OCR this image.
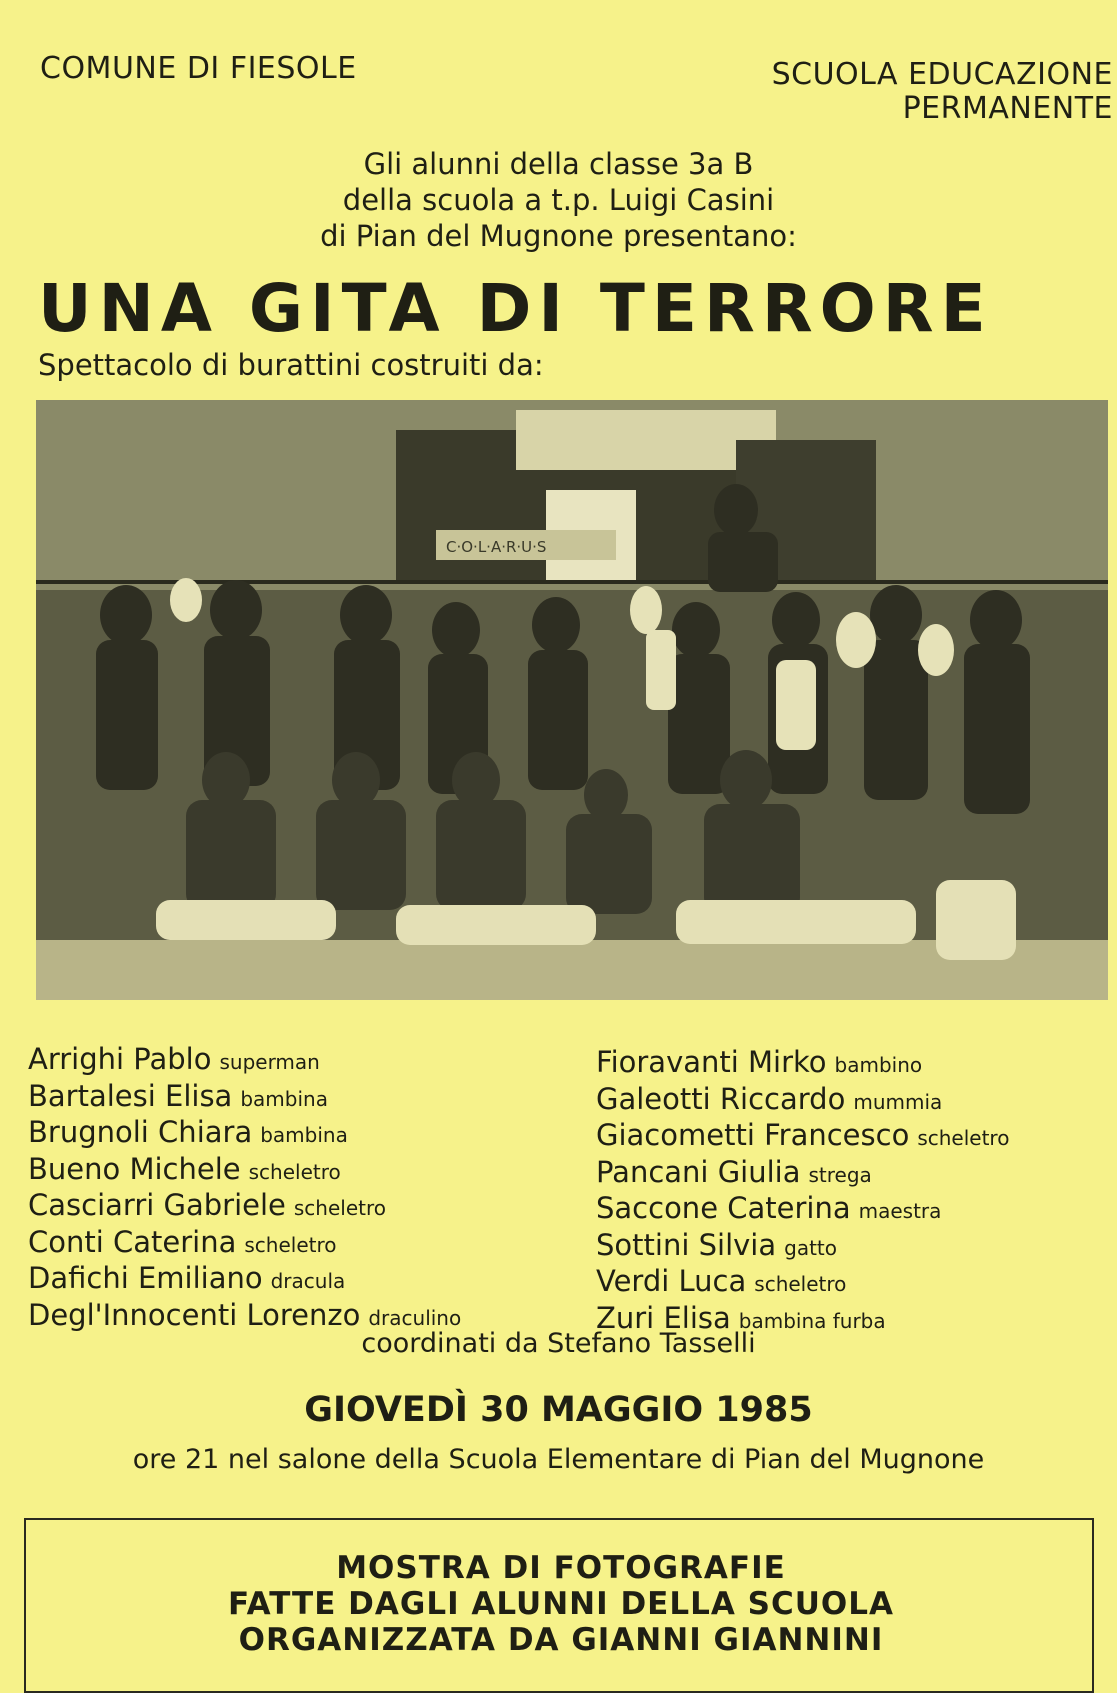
COMUNE DI FIESOLE	SCUOLA EDUCAZIONE
PERMANENTE
Gli alunni della classe 3a B
della scuola a t.p. Luigi Casini
di Pian del Mugnone presentano:
UNA GITA DI TERRORE
Spettacolo di burattini costruiti da:
C·O·L·A·R·U·S
Arrighi Pablo superman
Bartalesi Elisa bambina
Brugnoli Chiara bambina
Bueno Michele scheletro
Casciarri Gabriele scheletro
Conti Caterina scheletro
Dafichi Emiliano dracula
Degl'Innocenti Lorenzo draculino
Fioravanti Mirko bambino
Galeotti Riccardo mummia
Giacometti Francesco scheletro
Pancani Giulia strega
Saccone Caterina maestra
Sottini Silvia gatto
Verdi Luca scheletro
Zuri Elisa bambina furba
coordinati da Stefano Tasselli
GIOVEDÌ 30 MAGGIO 1985
ore 21 nel salone della Scuola Elementare di Pian del Mugnone
MOSTRA DI FOTOGRAFIE
FATTE DAGLI ALUNNI DELLA SCUOLA
ORGANIZZATA DA GIANNI GIANNINI
